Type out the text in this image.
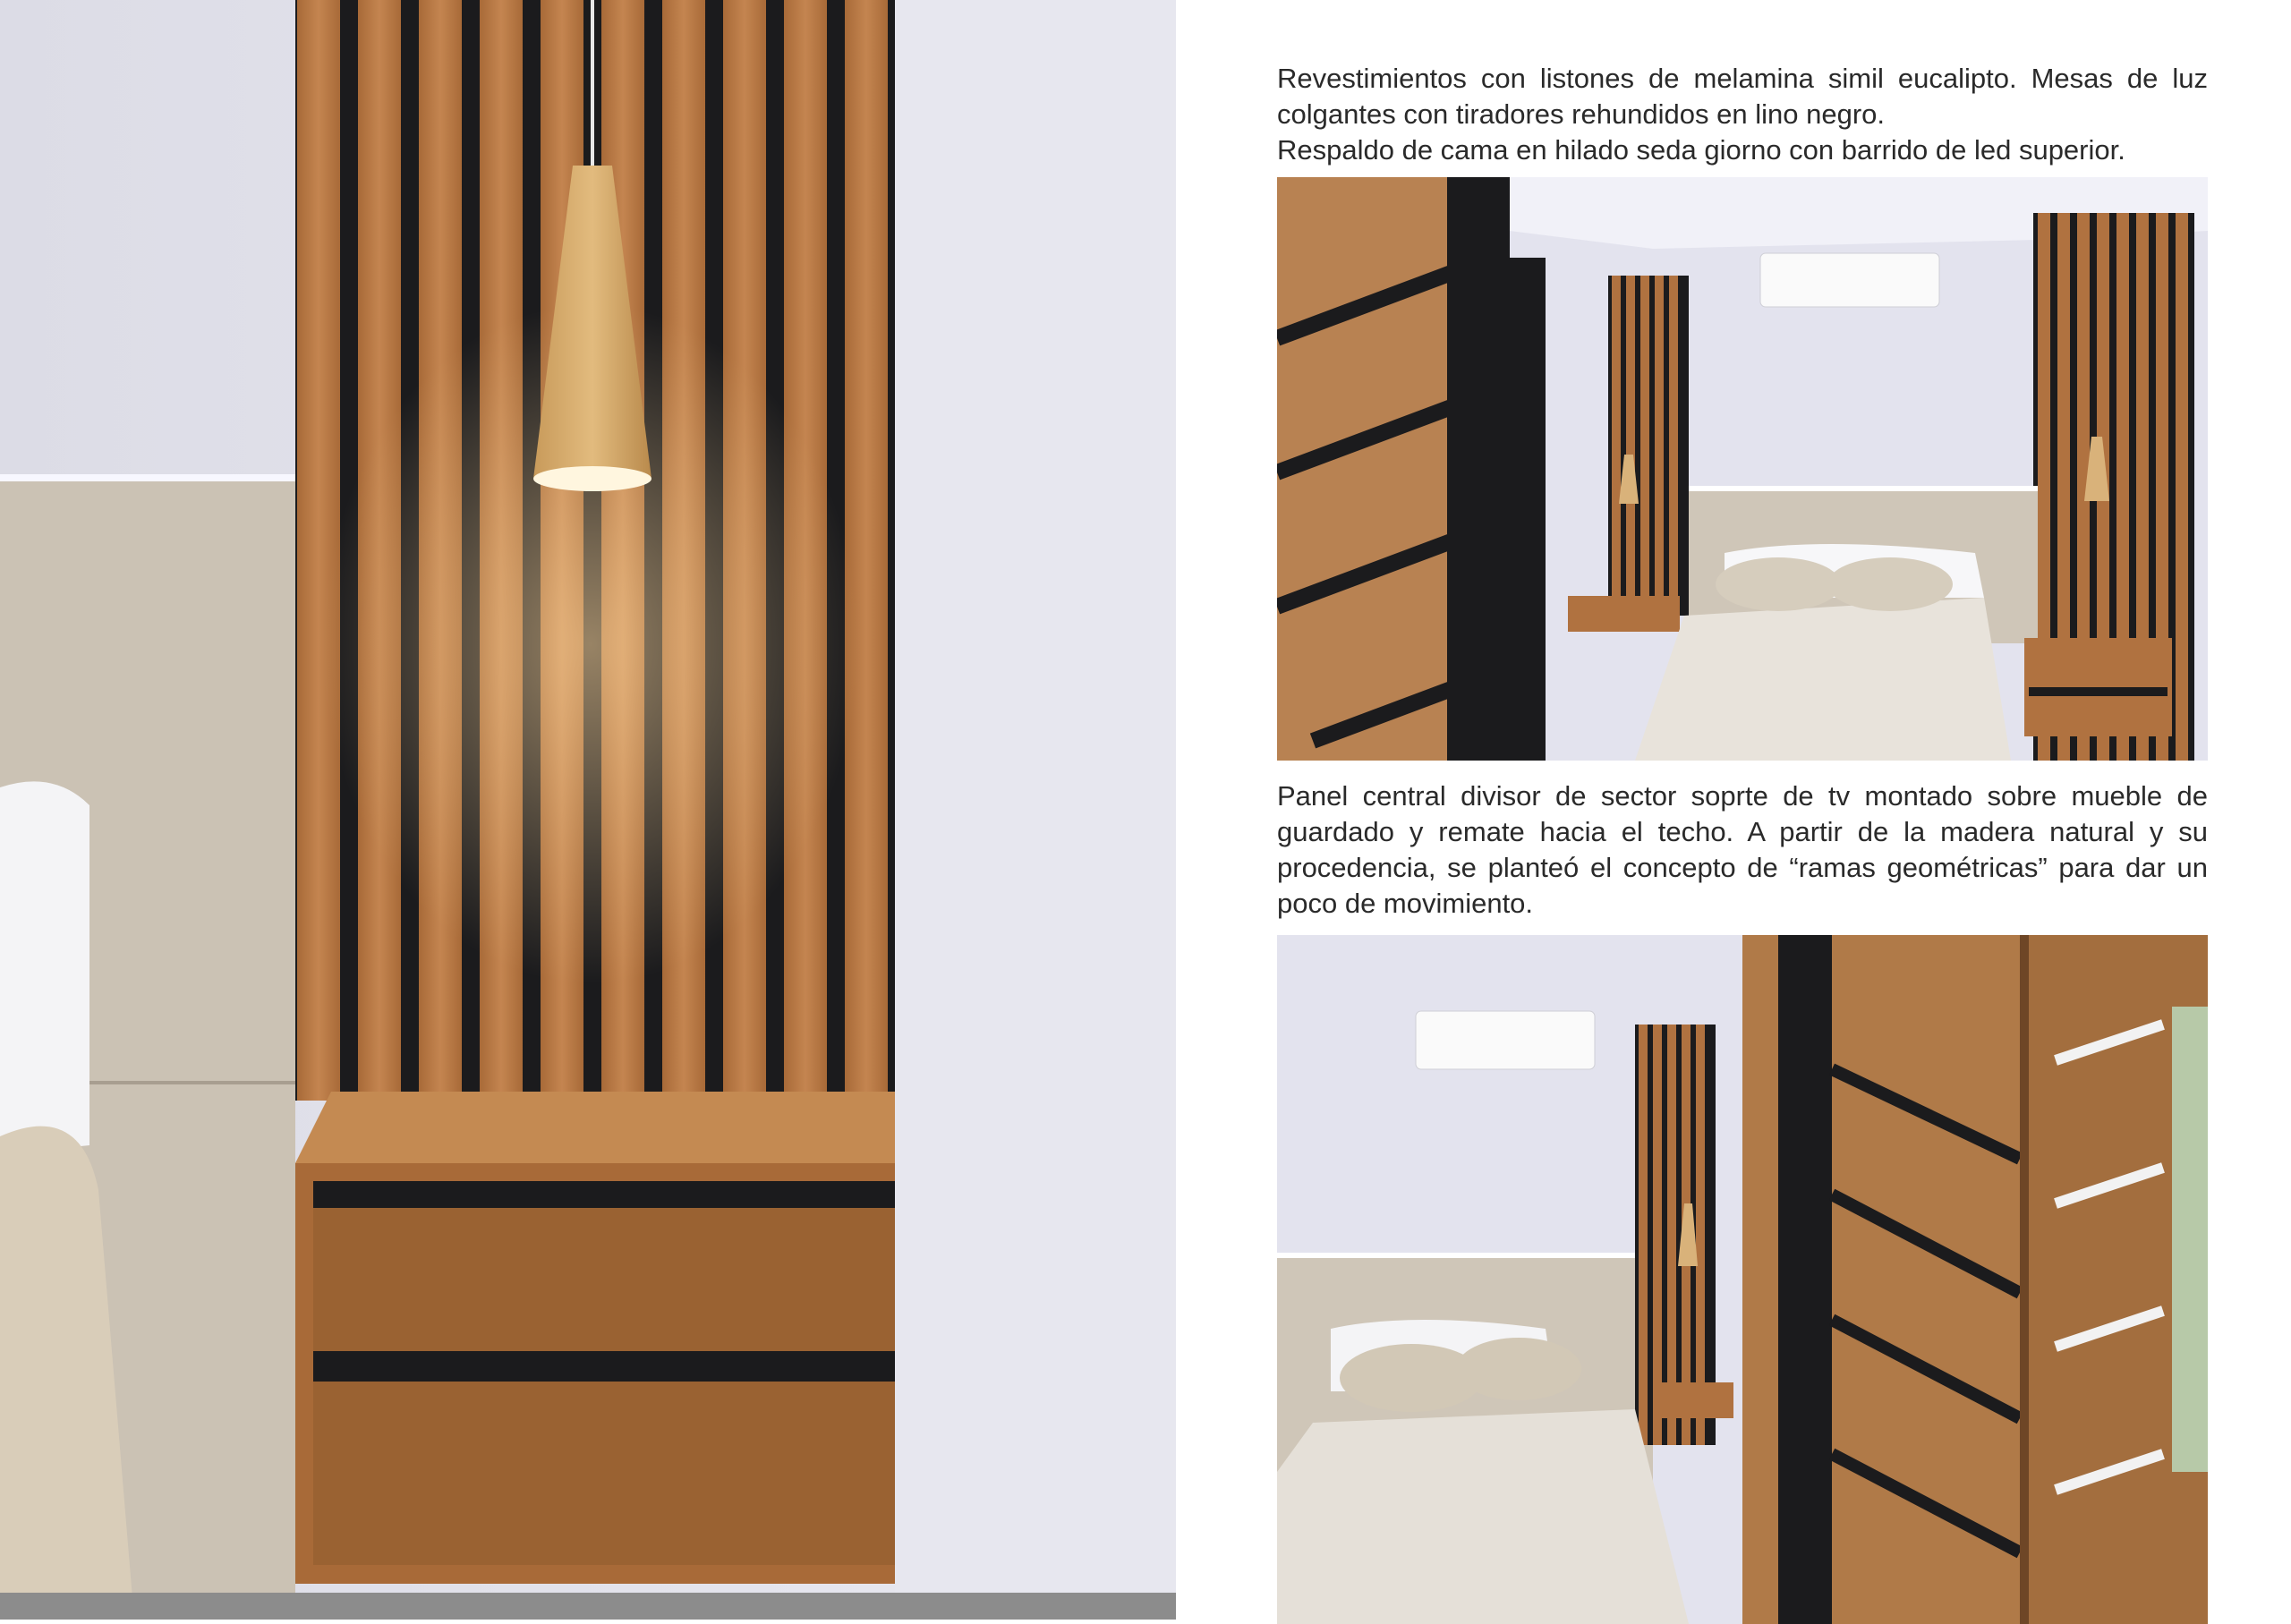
Revestimientos con listones de melamina simil eucalipto. Mesas de luz colgantes con tiradores rehundidos en lino negro.

Respaldo de cama en hilado seda giorno con barrido de led superior.

Panel central divisor de sector soprte de tv montado sobre mueble de guardado y remate hacia el techo. A partir de la madera natural y su procedencia, se planteó el concepto de “ramas geométricas” para dar un poco de movimiento.
